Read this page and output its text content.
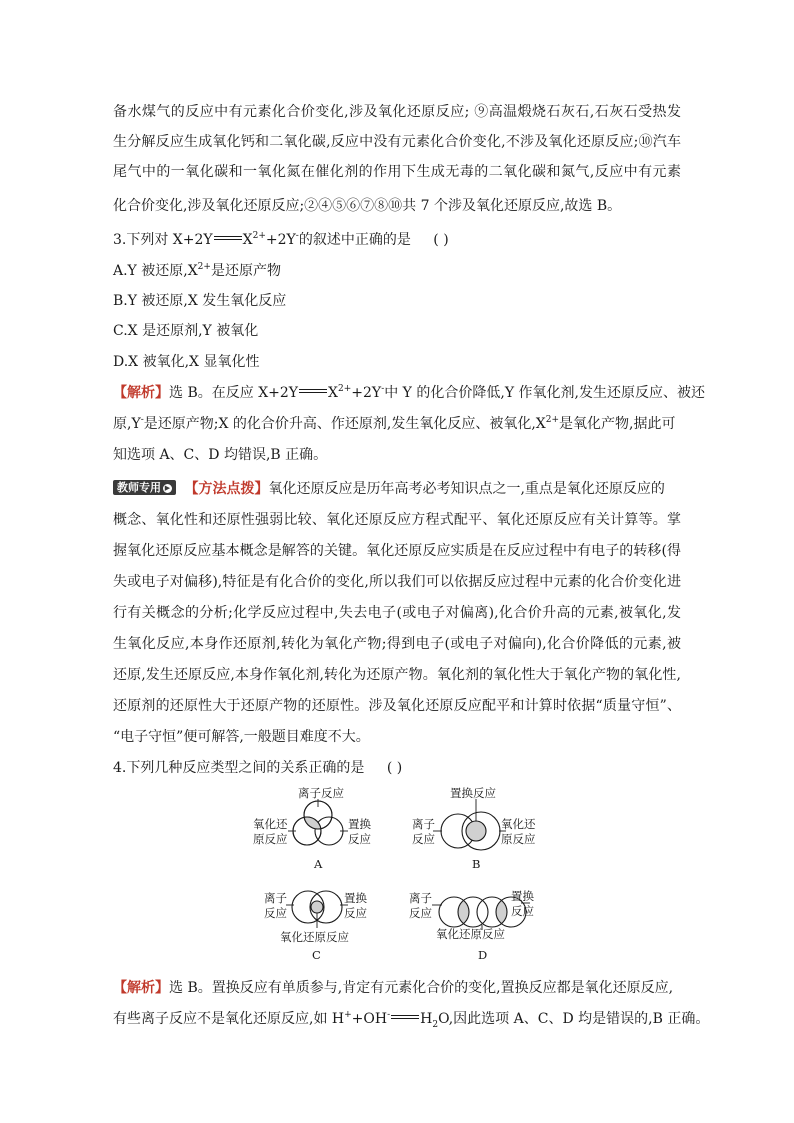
备水煤气的反应中有元素化合价变化,涉及氧化还原反应; ⑨高温煅烧石灰石,石灰石受热发
生分解反应生成氧化钙和二氧化碳,反应中没有元素化合价变化,不涉及氧化还原反应;⑩汽车
尾气中的一氧化碳和一氧化氮在催化剂的作用下生成无毒的二氧化碳和氮气,反应中有元素
化合价变化,涉及氧化还原反应;②④⑤⑥⑦⑧⑩共 7 个涉及氧化还原反应,故选 B。
3.下列对 X+2Y $X^{2+}+2Y^-$的叙述中正确的是 ( )
A.Y 被还原$,X^{2+}$是还原产物
B.Y 被还原,X 发生氧化反应
C.X 是还原剂,Y 被氧化
D.X 被氧化,X 显氧化性
【解析】选 B。在反应 X+2Y $X^{2+}+2Y^-$中 Y 的化合价降低,Y 作氧化剂,发生还原反应、被还
原,Y-是还原产物;X 的化合价升高、作还原剂,发生氧化反应、被氧化$,X^{2+}$是氧化产物,据此可
知选项 A、C、D 均错误,B 正确。
教师专用 ▶ 【方法点拨】氧化还原反应是历年高考必考知识点之一,重点是氧化还原反应的
概念、氧化性和还原性强弱比较、氧化还原反应方程式配平、氧化还原反应有关计算等。掌
握氧化还原反应基本概念是解答的关键。氧化还原反应实质是在反应过程中有电子的转移(得
失或电子对偏移),特征是有化合价的变化,所以我们可以依据反应过程中元素的化合价变化进
行有关概念的分析;化学反应过程中,失去电子(或电子对偏离),化合价升高的元素,被氧化,发
生氧化反应,本身作还原剂,转化为氧化产物;得到电子(或电子对偏向),化合价降低的元素,被
还原,发生还原反应,本身作氧化剂,转化为还原产物。氧化剂的氧化性大于氧化产物的氧化性,
还原剂的还原性大于还原产物的还原性。涉及氧化还原反应配平和计算时依据“质量守恒”、
“电子守恒”便可解答,一般题目难度不大。
4.下列几种反应类型之间的关系正确的是 ( )
离子反应
氧化还
原反应
置换
反应
A
置换反应
离子
反应
氧化还
原反应
B
离子
反应
置换
反应
氧化还原反应
C
离子
反应
置换
反应
氧化还原反应
D
【解析】选 B。置换反应有单质参与,肯定有元素化合价的变化,置换反应都是氧化还原反应,
有些离子反应不是氧化还原反应,如 H++OH- $H_2O$,因此选项 A、C、D 均是错误的,B 正确。
